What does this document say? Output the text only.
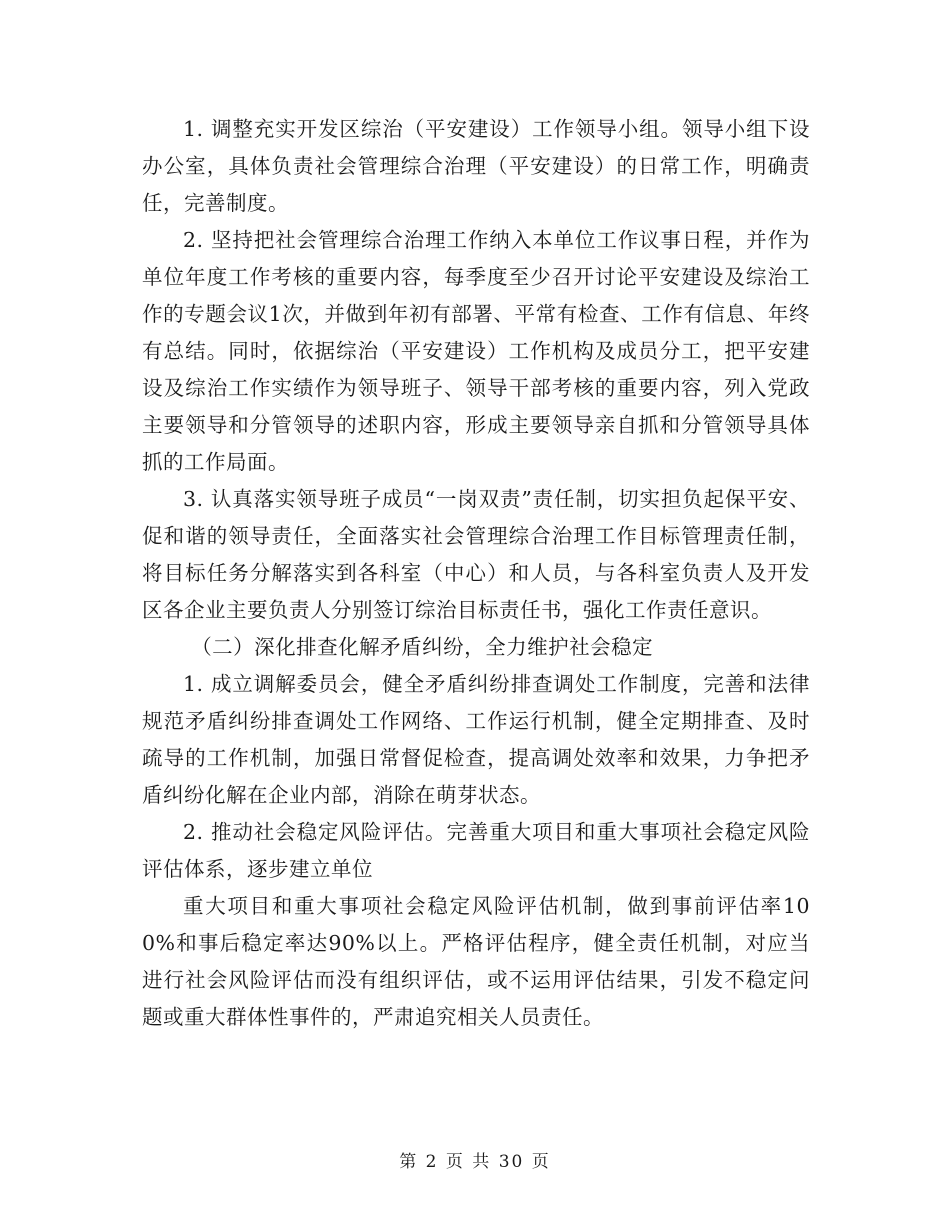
1. 调整充实开发区综治（平安建设）工作领导小组。领导小组下设办公室，具体负责社会管理综合治理（平安建设）的日常工作，明确责任，完善制度。

2. 坚持把社会管理综合治理工作纳入本单位工作议事日程，并作为单位年度工作考核的重要内容，每季度至少召开讨论平安建设及综治工作的专题会议1次，并做到年初有部署、平常有检查、工作有信息、年终有总结。同时，依据综治（平安建设）工作机构及成员分工，把平安建设及综治工作实绩作为领导班子、领导干部考核的重要内容，列入党政主要领导和分管领导的述职内容，形成主要领导亲自抓和分管领导具体抓的工作局面。

3. 认真落实领导班子成员“一岗双责”责任制，切实担负起保平安、促和谐的领导责任，全面落实社会管理综合治理工作目标管理责任制，将目标任务分解落实到各科室（中心）和人员，与各科室负责人及开发区各企业主要负责人分别签订综治目标责任书，强化工作责任意识。

（二）深化排查化解矛盾纠纷，全力维护社会稳定

1. 成立调解委员会，健全矛盾纠纷排查调处工作制度，完善和法律规范矛盾纠纷排查调处工作网络、工作运行机制，健全定期排查、及时疏导的工作机制，加强日常督促检查，提高调处效率和效果，力争把矛盾纠纷化解在企业内部，消除在萌芽状态。

2. 推动社会稳定风险评估。完善重大项目和重大事项社会稳定风险评估体系，逐步建立单位

重大项目和重大事项社会稳定风险评估机制，做到事前评估率100%和事后稳定率达90%以上。严格评估程序，健全责任机制，对应当进行社会风险评估而没有组织评估，或不运用评估结果，引发不稳定问题或重大群体性事件的，严肃追究相关人员责任。

第 2 页 共 30 页
